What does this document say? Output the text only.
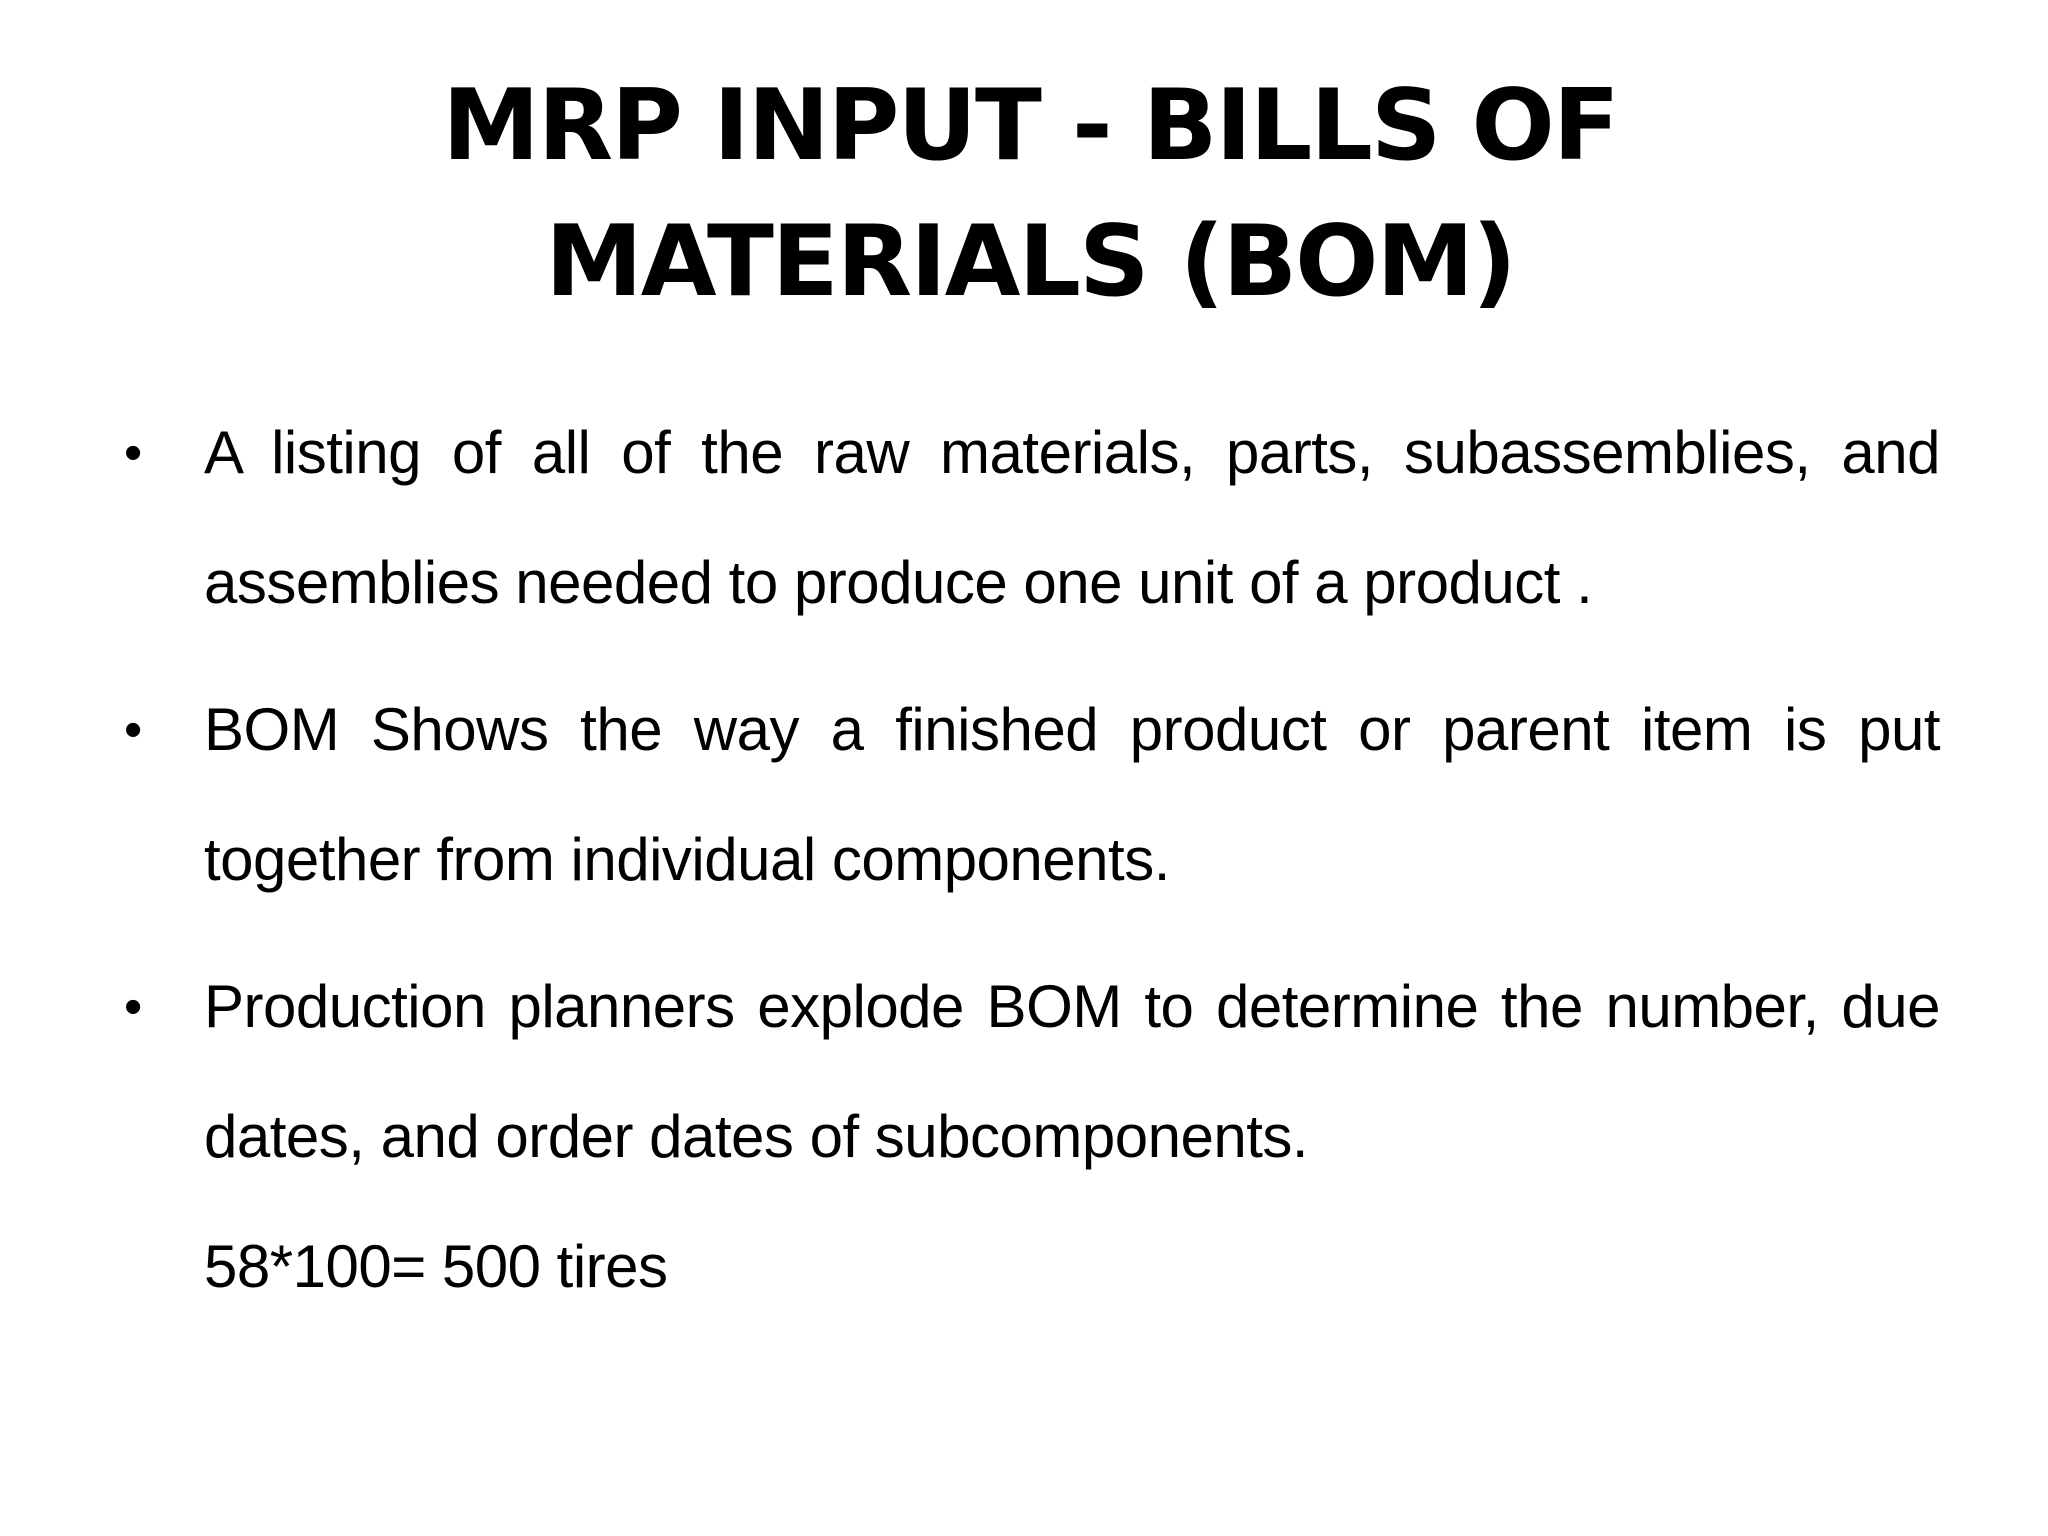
MRP INPUT - BILLS OF MATERIALS (BOM)
•	A listing of all of the raw materials, parts, subassemblies, and assemblies needed to produce one unit of a product .
•	BOM Shows the way a finished product or parent item is put together from individual components.
•	Production planners explode BOM to determine the number, due dates, and order dates of subcomponents.
58*100= 500 tires
